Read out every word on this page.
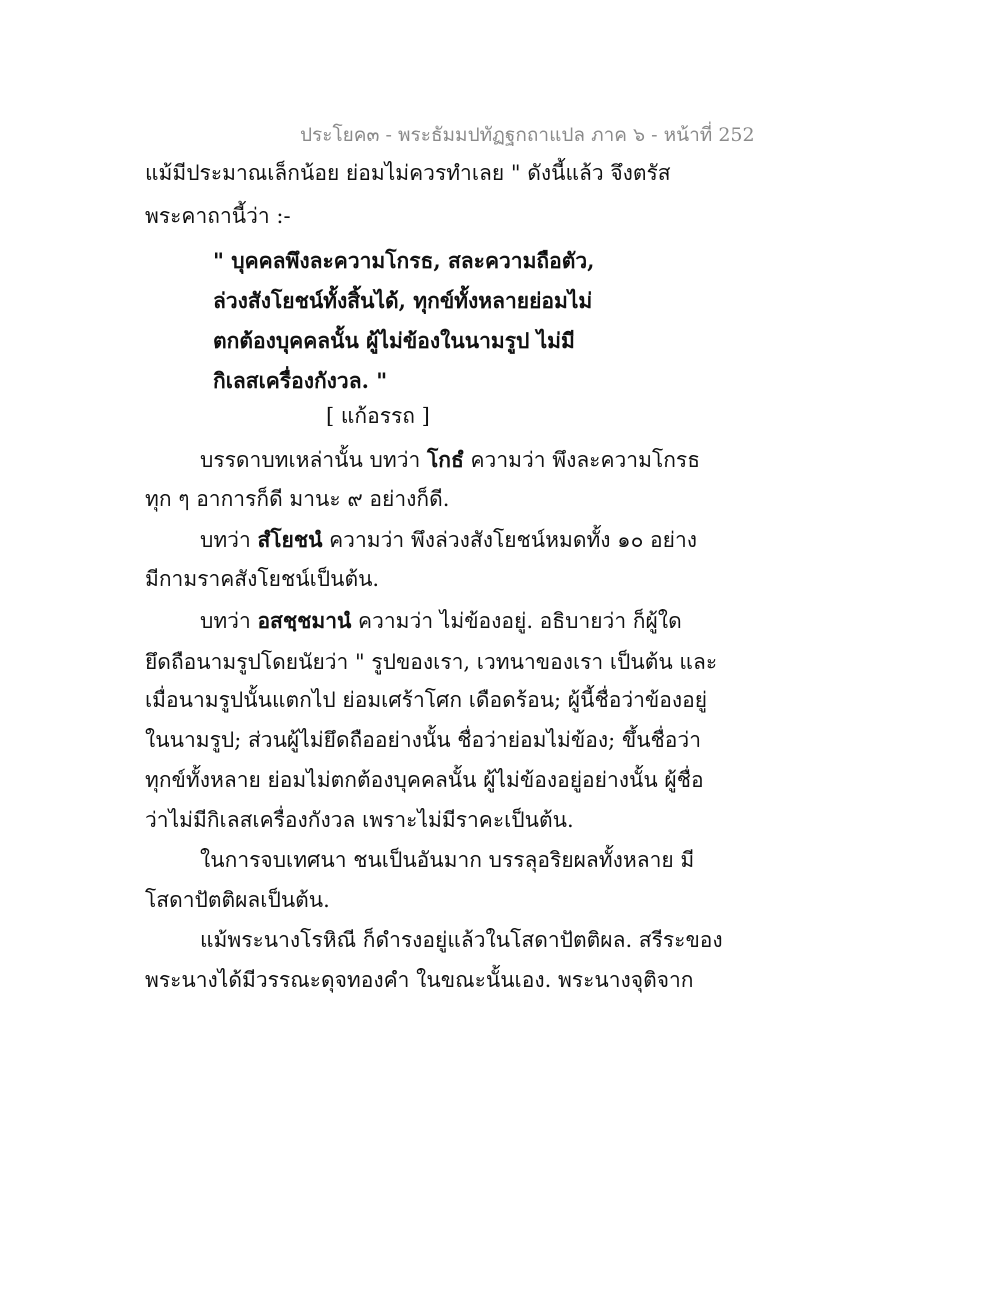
ประโยค๓ - พระธัมมปทัฏฐกถาแปล ภาค ๖ - หน้าที่ 252
แม้มีประมาณเล็กน้อย ย่อมไม่ควรทำเลย " ดังนี้แล้ว จึงตรัส
พระคาถานี้ว่า :-
" บุคคลพึงละความโกรธ, สละความถือตัว,
ล่วงสังโยชน์ทั้งสิ้นได้, ทุกข์ทั้งหลายย่อมไม่
ตกต้องบุคคลนั้น ผู้ไม่ข้องในนามรูป ไม่มี
กิเลสเครื่องกังวล. "
[ แก้อรรถ ]
บรรดาบทเหล่านั้น บทว่า โกธํ ความว่า พึงละความโกรธ
ทุก ๆ อาการก็ดี มานะ ๙ อย่างก็ดี.
บทว่า สํโยชนํ ความว่า พึงล่วงสังโยชน์หมดทั้ง ๑๐ อย่าง
มีกามราคสังโยชน์เป็นต้น.
บทว่า อสชฺชมานํ ความว่า ไม่ข้องอยู่. อธิบายว่า ก็ผู้ใด
ยึดถือนามรูปโดยนัยว่า " รูปของเรา, เวทนาของเรา เป็นต้น และ
เมื่อนามรูปนั้นแตกไป ย่อมเศร้าโศก เดือดร้อน; ผู้นี้ชื่อว่าข้องอยู่
ในนามรูป; ส่วนผู้ไม่ยึดถืออย่างนั้น ชื่อว่าย่อมไม่ข้อง; ขึ้นชื่อว่า
ทุกข์ทั้งหลาย ย่อมไม่ตกต้องบุคคลนั้น ผู้ไม่ข้องอยู่อย่างนั้น ผู้ชื่อ
ว่าไม่มีกิเลสเครื่องกังวล เพราะไม่มีราคะเป็นต้น.
ในการจบเทศนา ชนเป็นอันมาก บรรลุอริยผลทั้งหลาย มี
โสดาปัตติผลเป็นต้น.
แม้พระนางโรหิณี ก็ดำรงอยู่แล้วในโสดาปัตติผล. สรีระของ
พระนางได้มีวรรณะดุจทองคำ ในขณะนั้นเอง. พระนางจุติจาก
